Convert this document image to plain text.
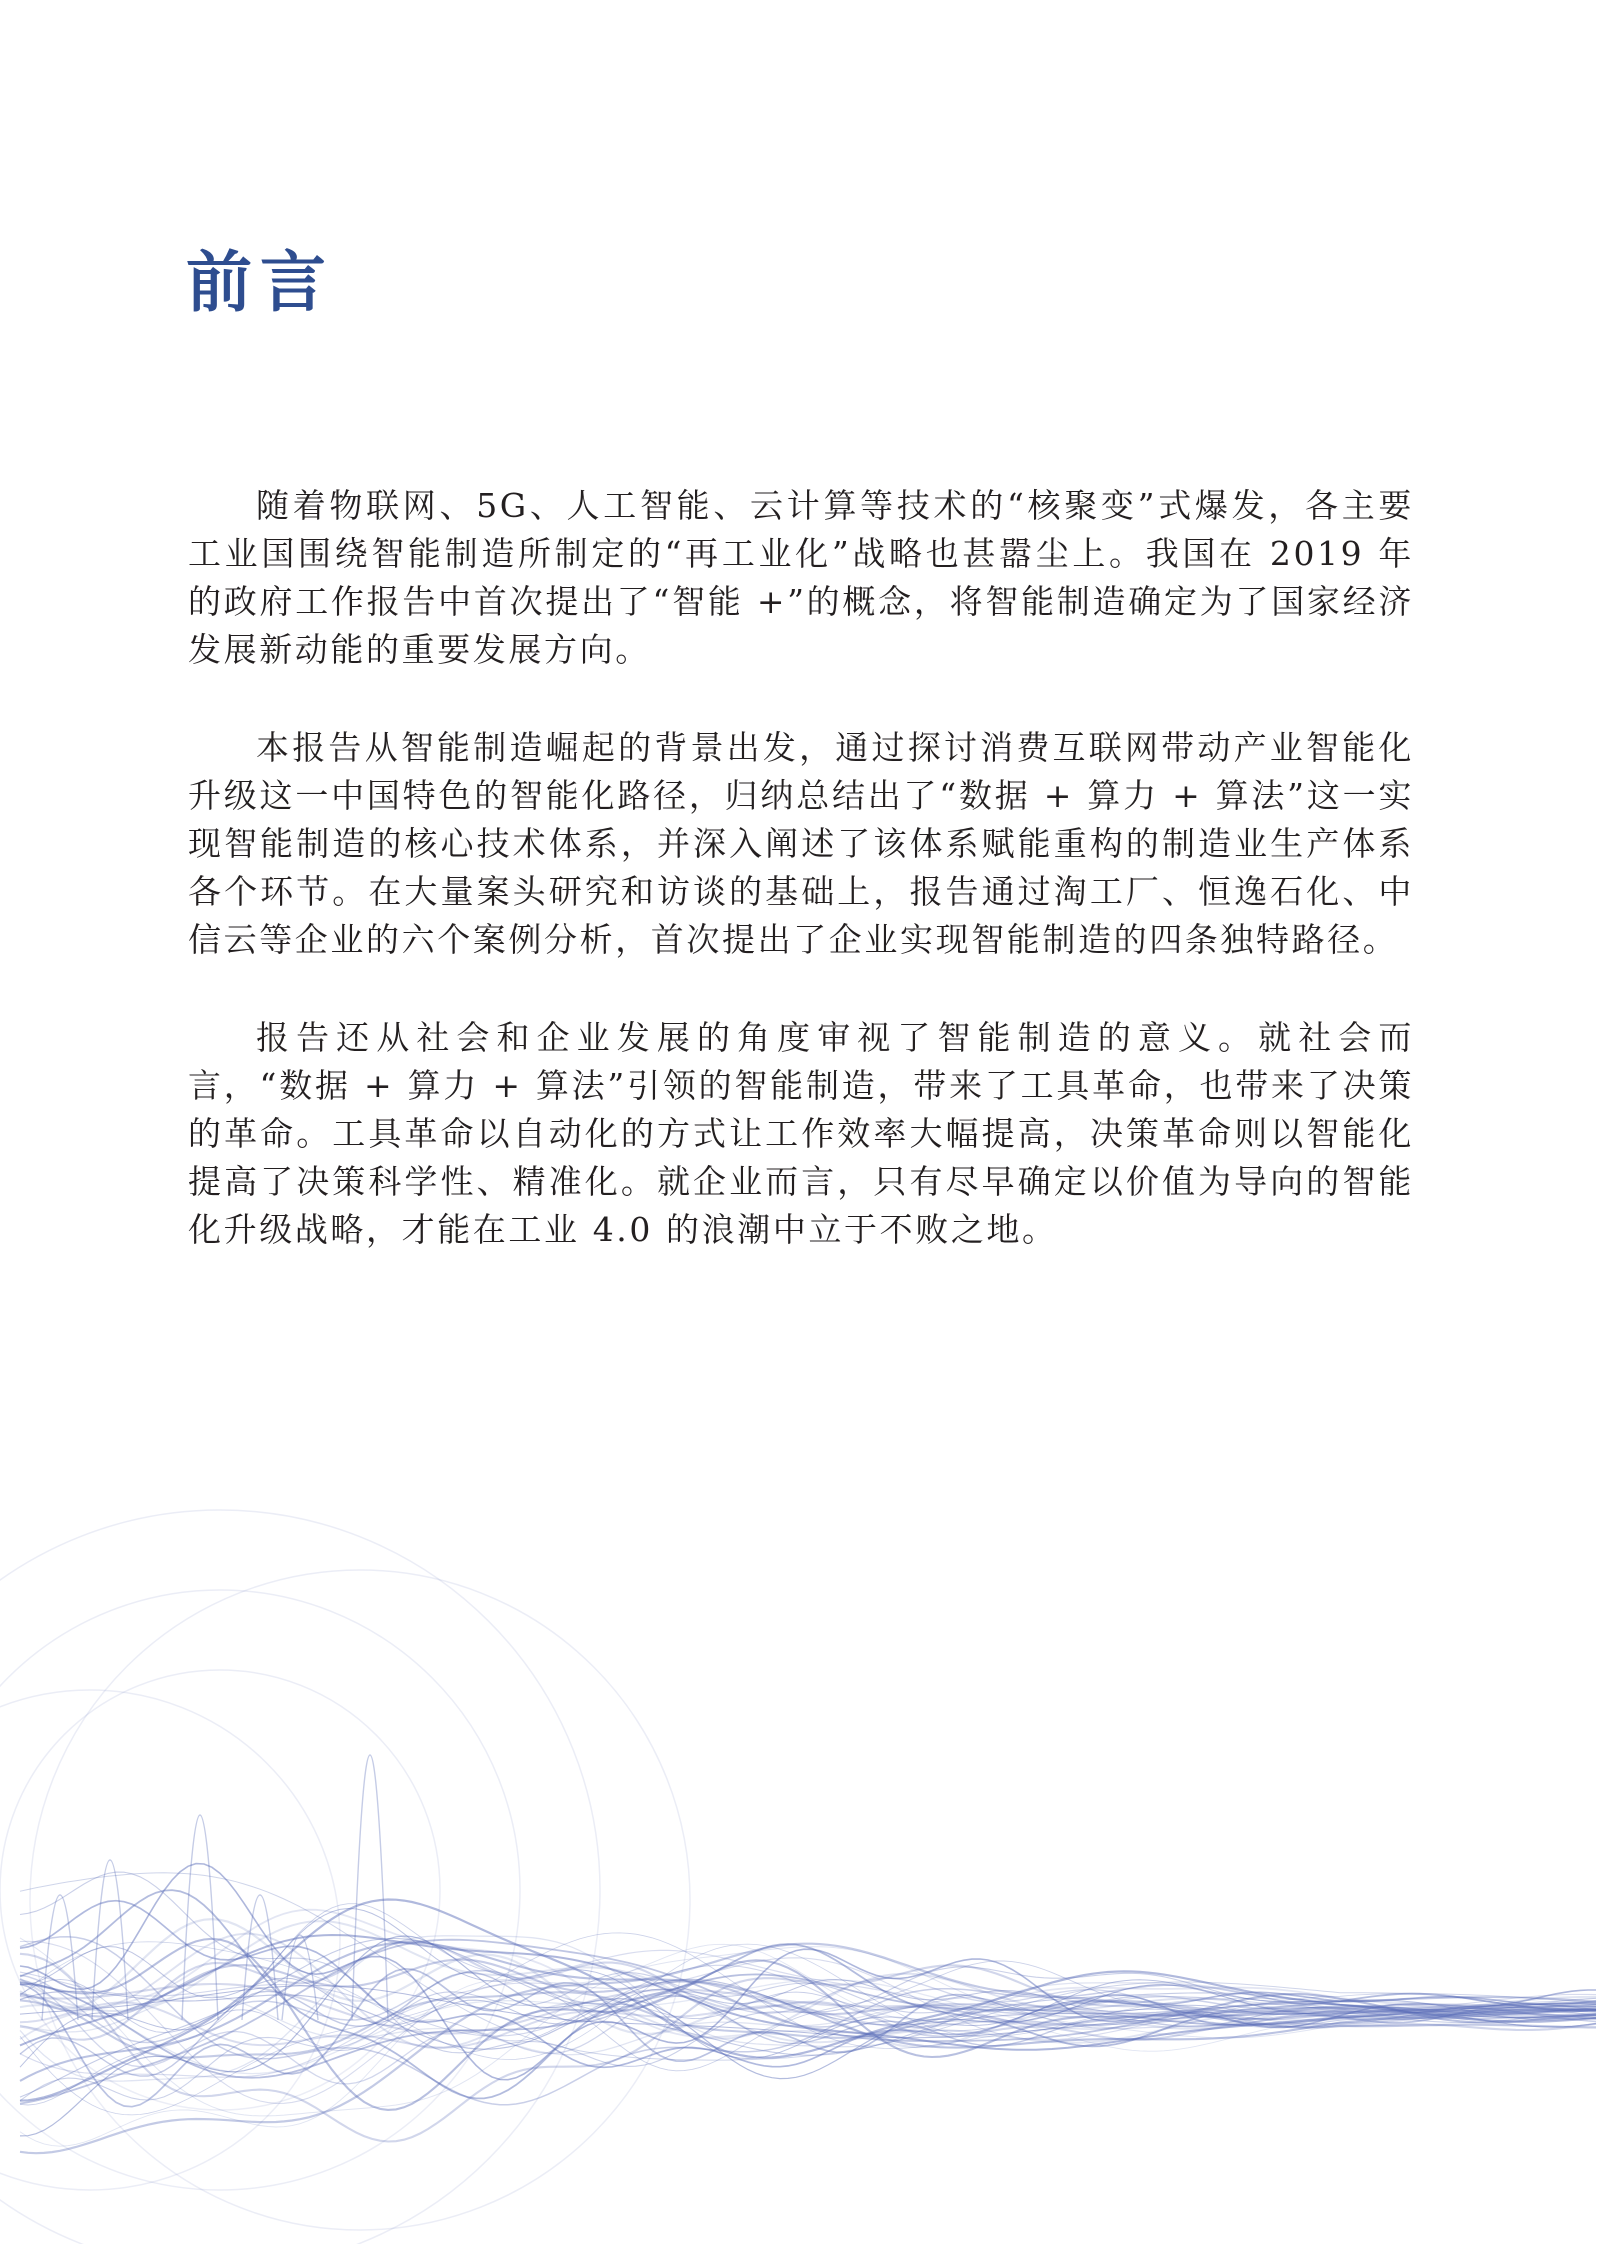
前言

随着物联网、5G、人工智能、云计算等技术的“核聚变”式爆发，各主要工业国围绕智能制造所制定的“再工业化”战略也甚嚣尘上。我国在 2019 年的政府工作报告中首次提出了“智能 +”的概念，将智能制造确定为了国家经济发展新动能的重要发展方向。

本报告从智能制造崛起的背景出发，通过探讨消费互联网带动产业智能化升级这一中国特色的智能化路径，归纳总结出了“数据 + 算力 + 算法”这一实现智能制造的核心技术体系，并深入阐述了该体系赋能重构的制造业生产体系各个环节。在大量案头研究和访谈的基础上，报告通过淘工厂、恒逸石化、中信云等企业的六个案例分析，首次提出了企业实现智能制造的四条独特路径。

报告还从社会和企业发展的角度审视了智能制造的意义。就社会而言，“数据 + 算力 + 算法”引领的智能制造，带来了工具革命，也带来了决策的革命。工具革命以自动化的方式让工作效率大幅提高，决策革命则以智能化提高了决策科学性、精准化。就企业而言，只有尽早确定以价值为导向的智能化升级战略，才能在工业 4.0 的浪潮中立于不败之地。
